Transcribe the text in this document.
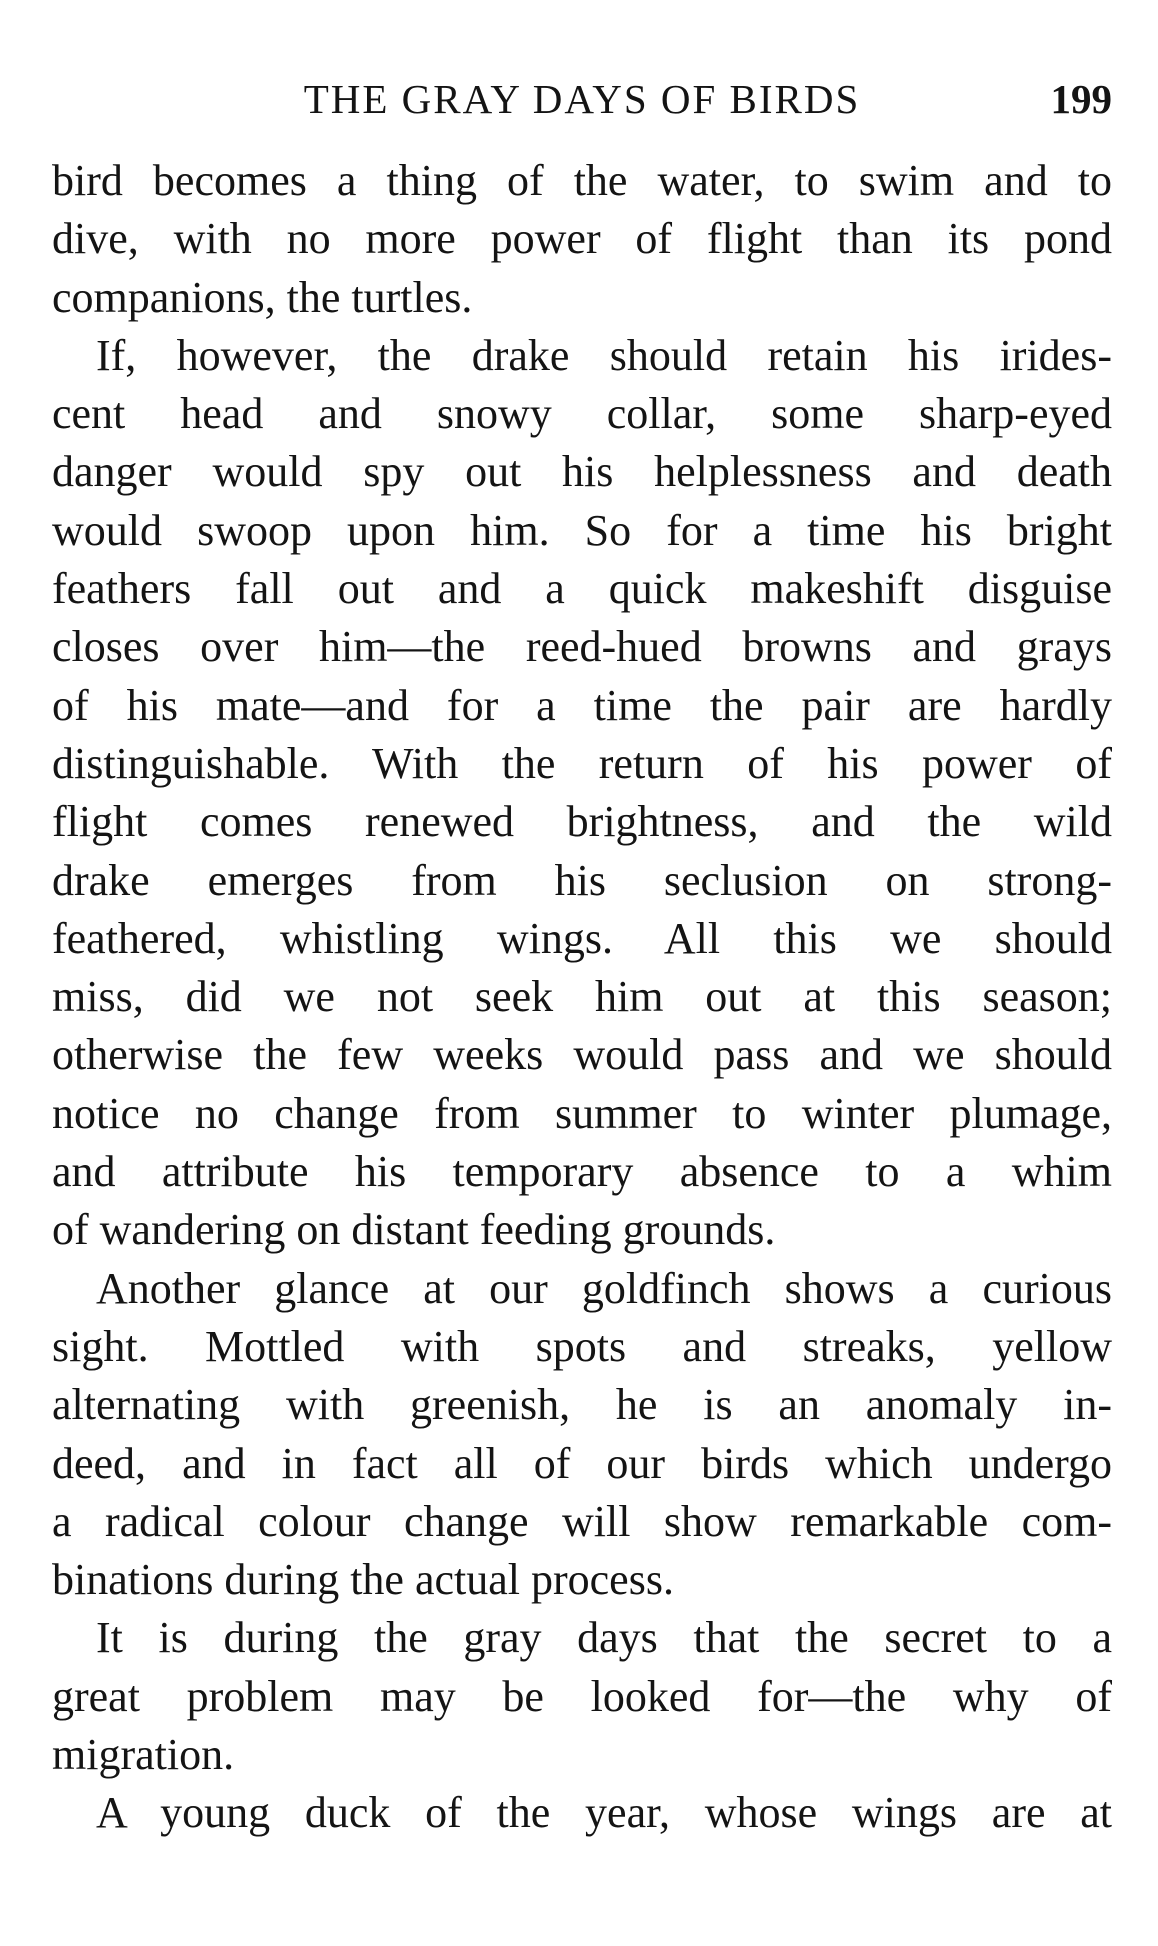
THE GRAY DAYS OF BIRDS	199
bird becomes a thing of the water, to swim and to
dive, with no more power of flight than its pond
companions, the turtles.
If, however, the drake should retain his irides-
cent head and snowy collar, some sharp-eyed
danger would spy out his helplessness and death
would swoop upon him. So for a time his bright
feathers fall out and a quick makeshift disguise
closes over him—the reed-hued browns and grays
of his mate—and for a time the pair are hardly
distinguishable. With the return of his power of
flight comes renewed brightness, and the wild
drake emerges from his seclusion on strong-
feathered, whistling wings. All this we should
miss, did we not seek him out at this season;
otherwise the few weeks would pass and we should
notice no change from summer to winter plumage,
and attribute his temporary absence to a whim
of wandering on distant feeding grounds.
Another glance at our goldfinch shows a curious
sight. Mottled with spots and streaks, yellow
alternating with greenish, he is an anomaly in-
deed, and in fact all of our birds which undergo
a radical colour change will show remarkable com-
binations during the actual process.
It is during the gray days that the secret to a
great problem may be looked for—the why of
migration.
A young duck of the year, whose wings are at
